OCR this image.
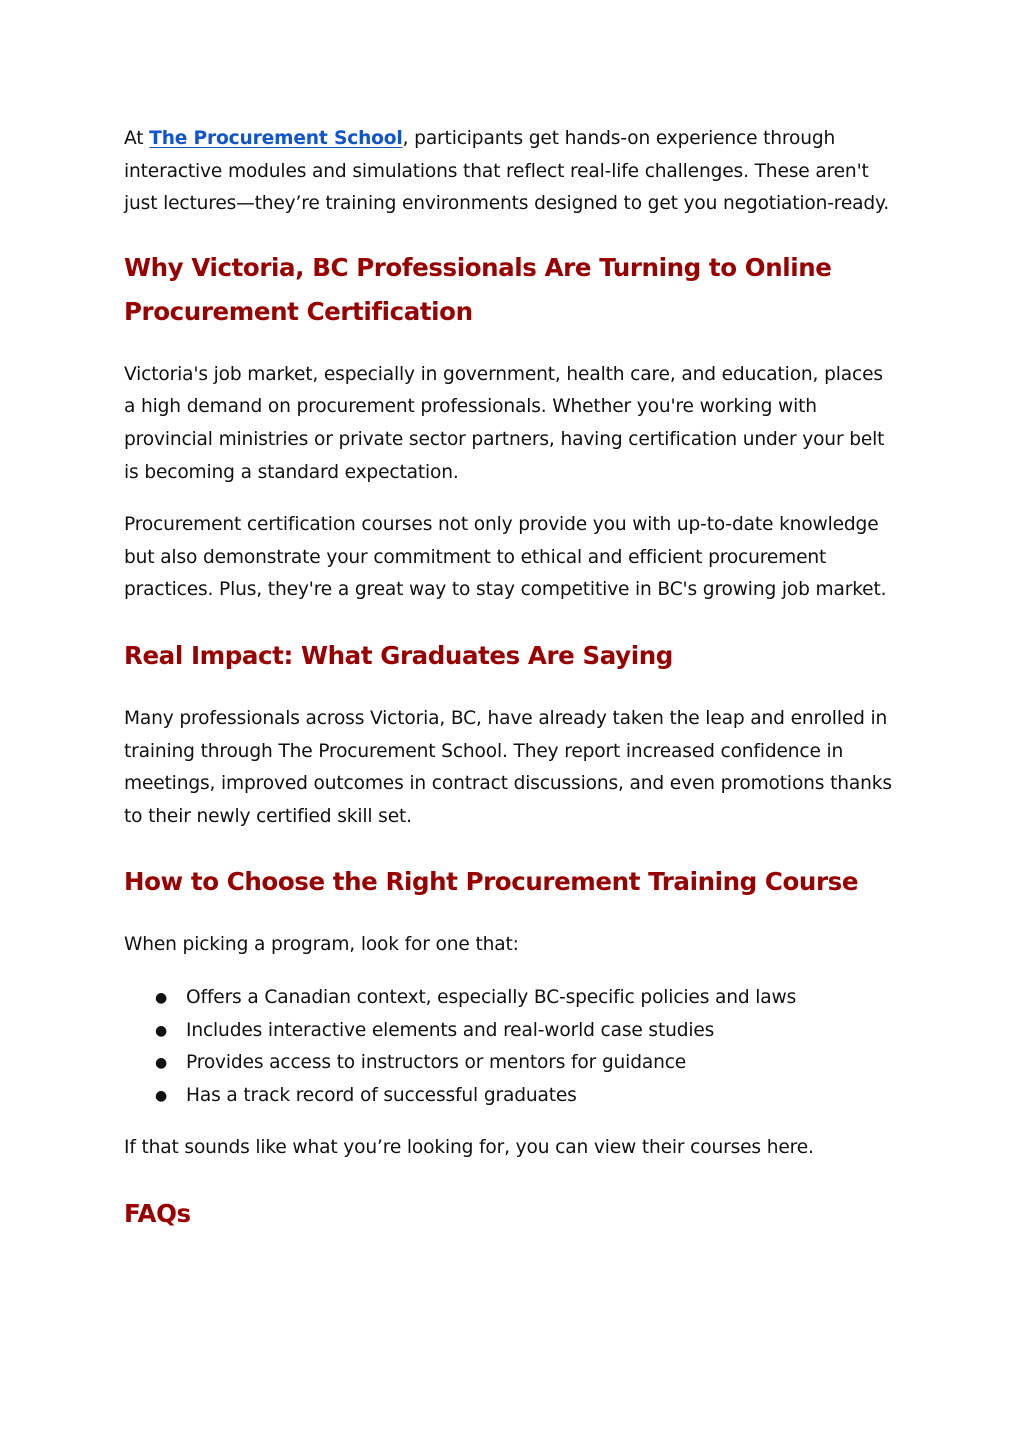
At The Procurement School, participants get hands-on experience through interactive modules and simulations that reflect real-life challenges. These aren't just lectures—they’re training environments designed to get you negotiation-ready.

Why Victoria, BC Professionals Are Turning to Online Procurement Certification

Victoria's job market, especially in government, health care, and education, places a high demand on procurement professionals. Whether you're working with provincial ministries or private sector partners, having certification under your belt is becoming a standard expectation.

Procurement certification courses not only provide you with up-to-date knowledge but also demonstrate your commitment to ethical and efficient procurement practices. Plus, they're a great way to stay competitive in BC's growing job market.

Real Impact: What Graduates Are Saying

Many professionals across Victoria, BC, have already taken the leap and enrolled in training through The Procurement School. They report increased confidence in meetings, improved outcomes in contract discussions, and even promotions thanks to their newly certified skill set.

How to Choose the Right Procurement Training Course

When picking a program, look for one that:

● Offers a Canadian context, especially BC-specific policies and laws
● Includes interactive elements and real-world case studies
● Provides access to instructors or mentors for guidance
● Has a track record of successful graduates

If that sounds like what you’re looking for, you can view their courses here.

FAQs
